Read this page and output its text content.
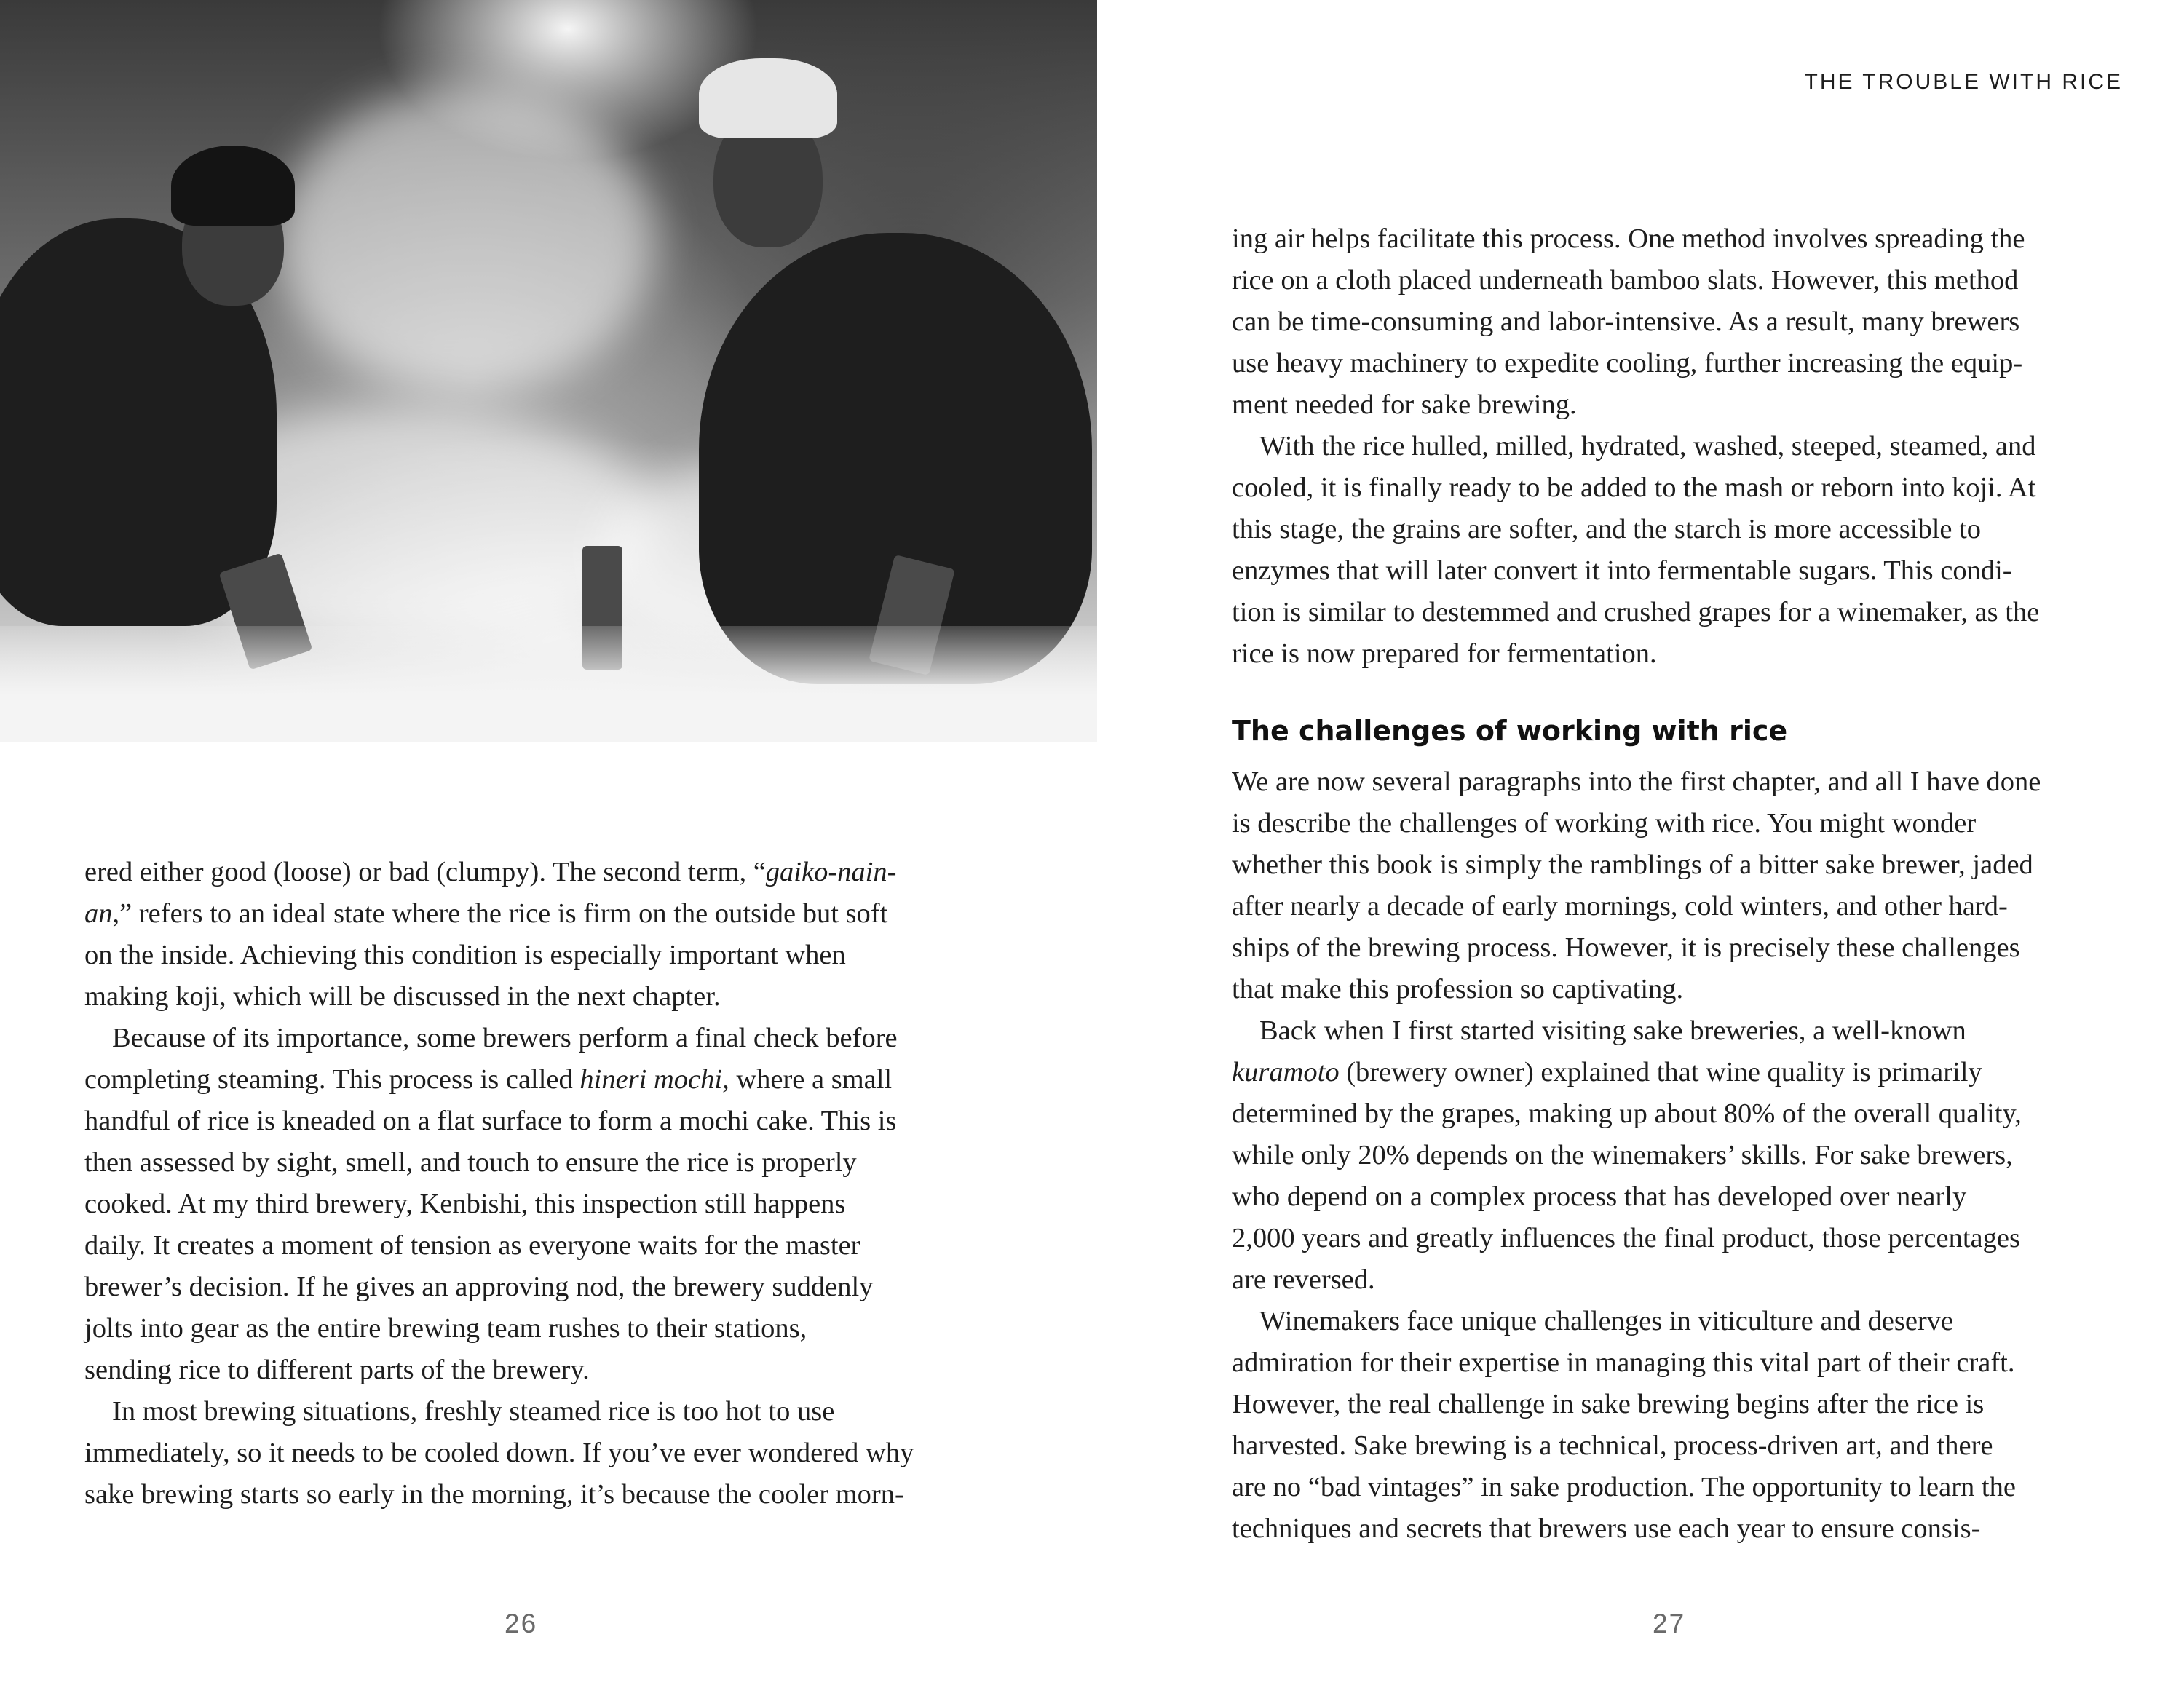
ered either good (loose) or bad (clumpy). The second term, “gaiko-nain-
an,” refers to an ideal state where the rice is firm on the outside but soft
on the inside. Achieving this condition is especially important when
making koji, which will be discussed in the next chapter.

Because of its importance, some brewers perform a final check before
completing steaming. This process is called hineri mochi, where a small
handful of rice is kneaded on a flat surface to form a mochi cake. This is
then assessed by sight, smell, and touch to ensure the rice is properly
cooked. At my third brewery, Kenbishi, this inspection still happens
daily. It creates a moment of tension as everyone waits for the master
brewer’s decision. If he gives an approving nod, the brewery suddenly
jolts into gear as the entire brewing team rushes to their stations,
sending rice to different parts of the brewery.

In most brewing situations, freshly steamed rice is too hot to use
immediately, so it needs to be cooled down. If you’ve ever wondered why
sake brewing starts so early in the morning, it’s because the cooler morn-

26
THE TROUBLE WITH RICE

ing air helps facilitate this process. One method involves spreading the
rice on a cloth placed underneath bamboo slats. However, this method
can be time-consuming and labor-intensive. As a result, many brewers
use heavy machinery to expedite cooling, further increasing the equip-
ment needed for sake brewing.

With the rice hulled, milled, hydrated, washed, steeped, steamed, and
cooled, it is finally ready to be added to the mash or reborn into koji. At
this stage, the grains are softer, and the starch is more accessible to
enzymes that will later convert it into fermentable sugars. This condi-
tion is similar to destemmed and crushed grapes for a winemaker, as the
rice is now prepared for fermentation.

The challenges of working with rice

We are now several paragraphs into the first chapter, and all I have done
is describe the challenges of working with rice. You might wonder
whether this book is simply the ramblings of a bitter sake brewer, jaded
after nearly a decade of early mornings, cold winters, and other hard-
ships of the brewing process. However, it is precisely these challenges
that make this profession so captivating.

Back when I first started visiting sake breweries, a well-known
kuramoto (brewery owner) explained that wine quality is primarily
determined by the grapes, making up about 80% of the overall quality,
while only 20% depends on the winemakers’ skills. For sake brewers,
who depend on a complex process that has developed over nearly
2,000 years and greatly influences the final product, those percentages
are reversed.

Winemakers face unique challenges in viticulture and deserve
admiration for their expertise in managing this vital part of their craft.
However, the real challenge in sake brewing begins after the rice is
harvested. Sake brewing is a technical, process-driven art, and there
are no “bad vintages” in sake production. The opportunity to learn the
techniques and secrets that brewers use each year to ensure consis-

27
